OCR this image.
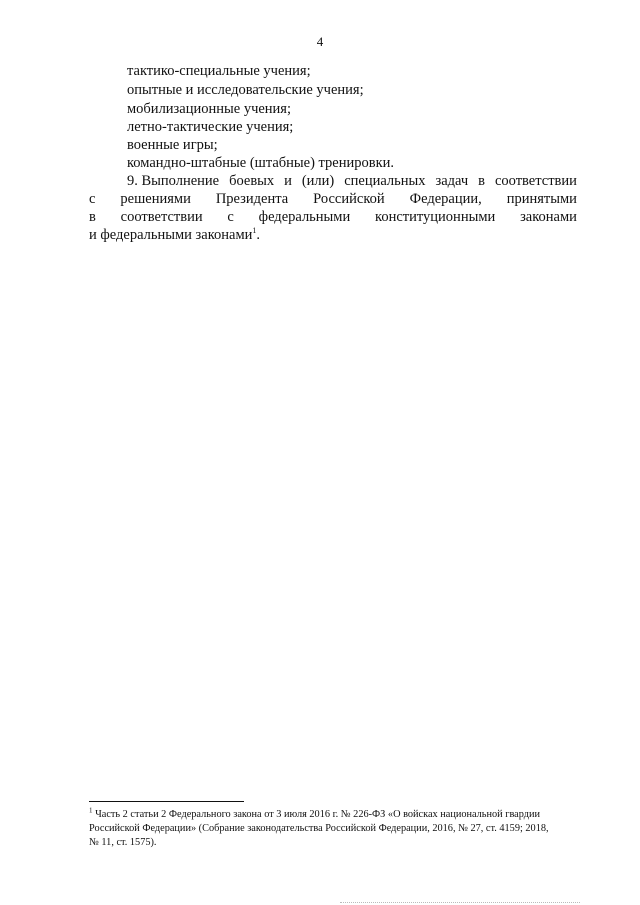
4
тактико-специальные учения;
опытные и исследовательские учения;
мобилизационные учения;
летно-тактические учения;
военные игры;
командно-штабные (штабные) тренировки.
9. Выполнение боевых и (или) специальных задач в соответствии
с решениями Президента Российской Федерации, принятыми
в соответствии с федеральными конституционными законами
и федеральными законами$^1$.
$^1$ Часть 2 статьи 2 Федерального закона от 3 июля 2016 г. № 226-ФЗ «О войсках национальной гвардии
Российской Федерации» (Собрание законодательства Российской Федерации, 2016, № 27, ст. 4159; 2018,
№ 11, ст. 1575).
